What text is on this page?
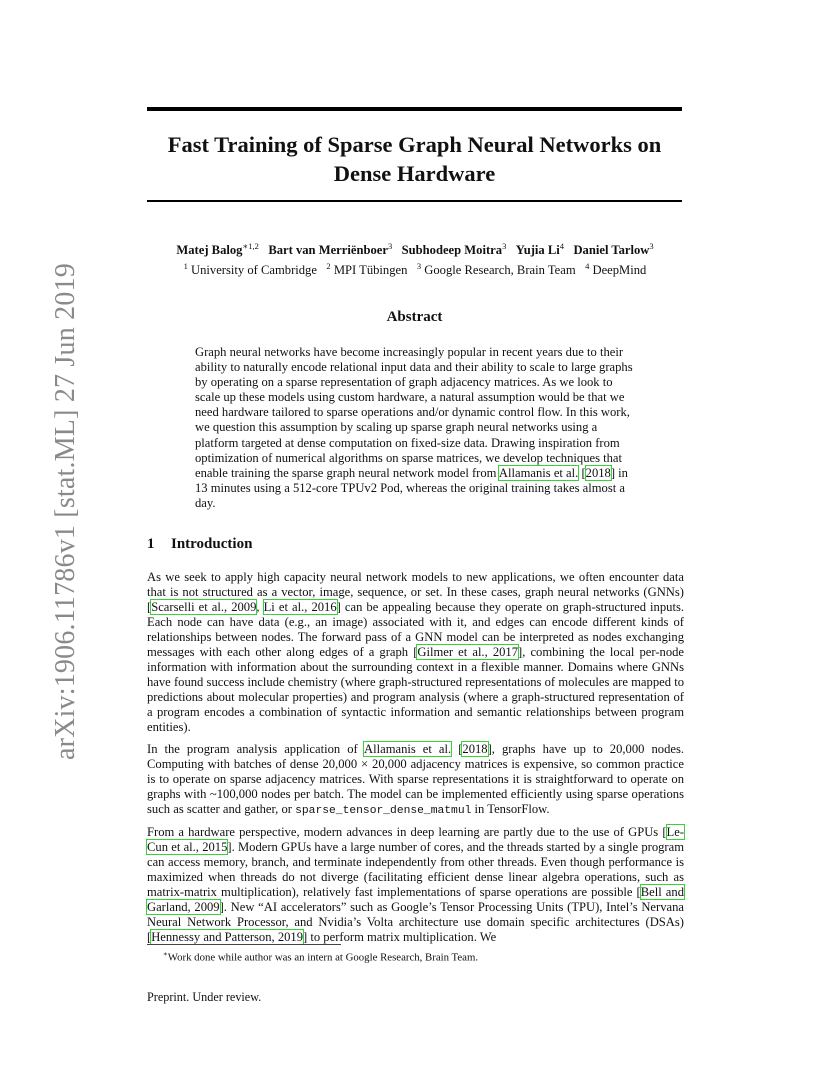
arXiv:1906.11786v1 [stat.ML] 27 Jun 2019
Fast Training of Sparse Graph Neural Networks on
Dense Hardware
Matej Balog$^{∗1,2}$ Bart van Merriënboer$^3$ Subhodeep Moitra$^3$ Yujia Li$^4$ Daniel Tarlow$^3$
$^1$ University of Cambridge $^2$ MPI Tübingen $^3$ Google Research, Brain Team $^4$ DeepMind
Abstract
Graph neural networks have become increasingly popular in recent years due to their ability to naturally encode relational input data and their ability to scale to large graphs by operating on a sparse representation of graph adjacency matrices. As we look to scale up these models using custom hardware, a natural assumption would be that we need hardware tailored to sparse operations and/or dynamic control flow. In this work, we question this assumption by scaling up sparse graph neural networks using a platform targeted at dense computation on fixed-size data. Drawing inspiration from optimization of numerical algorithms on sparse matrices, we develop techniques that enable training the sparse graph neural network model from Allamanis et al. [2018] in 13 minutes using a 512-core TPUv2 Pod, whereas the original training takes almost a day.
1 Introduction

As we seek to apply high capacity neural network models to new applications, we often encounter data that is not structured as a vector, image, sequence, or set. In these cases, graph neural networks (GNNs) [Scarselli et al., 2009, Li et al., 2016] can be appealing because they operate on graph-structured inputs. Each node can have data (e.g., an image) associated with it, and edges can encode different kinds of relationships between nodes. The forward pass of a GNN model can be interpreted as nodes exchanging messages with each other along edges of a graph [Gilmer et al., 2017], combining the local per-node information with information about the surrounding context in a flexible manner. Domains where GNNs have found success include chemistry (where graph-structured representations of molecules are mapped to predictions about molecular properties) and program analysis (where a graph-structured representation of a program encodes a combination of syntactic information and semantic relationships between program entities).

In the program analysis application of Allamanis et al. [2018], graphs have up to 20,000 nodes. Computing with batches of dense 20,000 × 20,000 adjacency matrices is expensive, so common practice is to operate on sparse adjacency matrices. With sparse representations it is straightforward to operate on graphs with ~100,000 nodes per batch. The model can be implemented efficiently using sparse operations such as scatter and gather, or sparse_tensor_dense_matmul in TensorFlow.

From a hardware perspective, modern advances in deep learning are partly due to the use of GPUs [Le-Cun et al., 2015]. Modern GPUs have a large number of cores, and the threads started by a single program can access memory, branch, and terminate independently from other threads. Even though performance is maximized when threads do not diverge (facilitating efficient dense linear algebra operations, such as matrix-matrix multiplication), relatively fast implementations of sparse operations are possible [Bell and Garland, 2009]. New “AI accelerators” such as Google’s Tensor Processing Units (TPU), Intel’s Nervana Neural Network Processor, and Nvidia’s Volta architecture use domain specific architectures (DSAs) [Hennessy and Patterson, 2019] to perform matrix multiplication. We

∗Work done while author was an intern at Google Research, Brain Team.
Preprint. Under review.
